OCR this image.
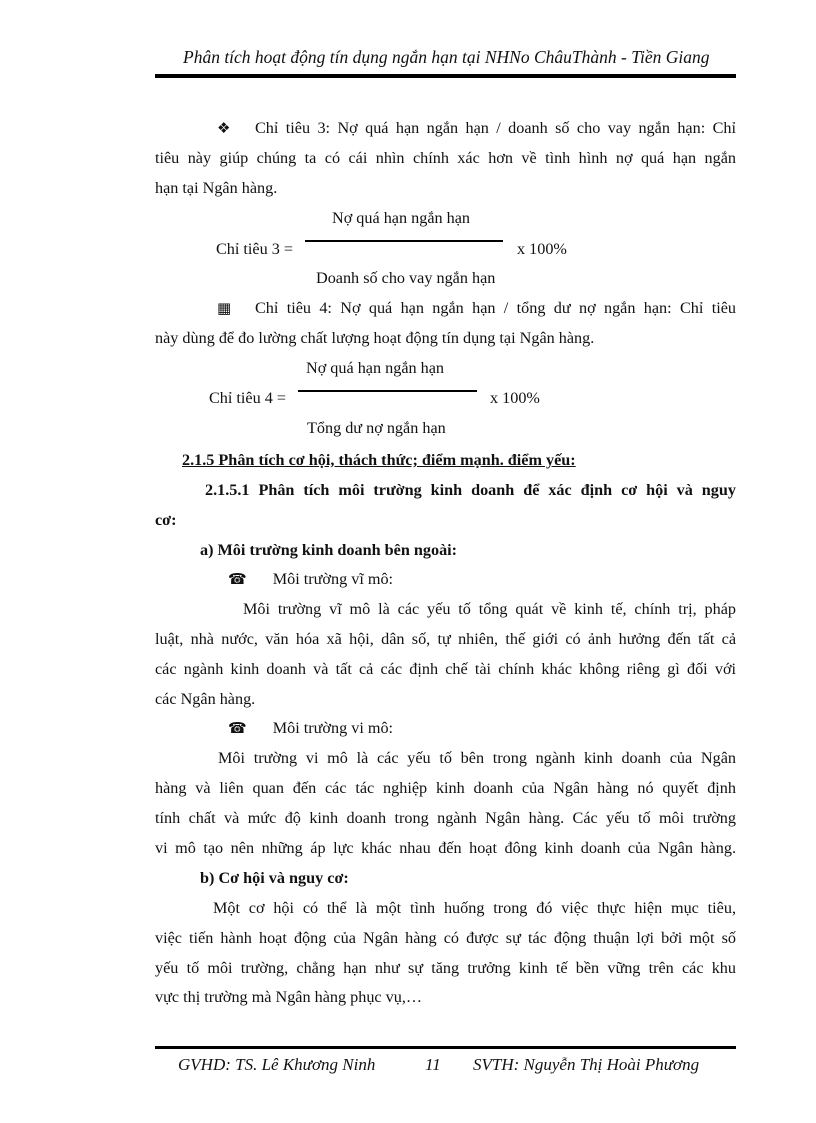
Phân tích hoạt động tín dụng ngắn hạn tại NHNo ChâuThành - Tiền Giang
❖ Chỉ tiêu 3: Nợ quá hạn ngắn hạn / doanh số cho vay ngắn hạn: Chỉ
tiêu này giúp chúng ta có cái nhìn chính xác hơn về tình hình nợ quá hạn ngắn
hạn tại Ngân hàng.
Nợ quá hạn ngắn hạn
Chỉ tiêu 3 =	x 100%
Doanh số cho vay ngắn hạn
▦ Chỉ tiêu 4: Nợ quá hạn ngắn hạn / tổng dư nợ ngắn hạn: Chỉ tiêu
này dùng để đo lường chất lượng hoạt động tín dụng tại Ngân hàng.
Nợ quá hạn ngắn hạn
Chỉ tiêu 4 =	x 100%
Tổng dư nợ ngắn hạn
2.1.5 Phân tích cơ hội, thách thức; điểm mạnh. điểm yếu:
2.1.5.1 Phân tích môi trường kinh doanh để xác định cơ hội và nguy
cơ:
a) Môi trường kinh doanh bên ngoài:
☎ Môi trường vĩ mô:
Môi trường vĩ mô là các yếu tố tổng quát về kinh tế, chính trị, pháp
luật, nhà nước, văn hóa xã hội, dân số, tự nhiên, thế giới có ảnh hưởng đến tất cả
các ngành kinh doanh và tất cả các định chế tài chính khác không riêng gì đối với
các Ngân hàng.
☎ Môi trường vi mô:
Môi trường vi mô là các yếu tố bên trong ngành kinh doanh của Ngân
hàng và liên quan đến các tác nghiệp kinh doanh của Ngân hàng nó quyết định
tính chất và mức độ kinh doanh trong ngành Ngân hàng. Các yếu tố môi trường
vi mô tạo nên những áp lực khác nhau đến hoạt đông kinh doanh của Ngân hàng.
b) Cơ hội và nguy cơ:
Một cơ hội có thể là một tình huống trong đó việc thực hiện mục tiêu,
việc tiến hành hoạt động của Ngân hàng có được sự tác động thuận lợi bởi một số
yếu tố môi trường, chẳng hạn như sự tăng trưởng kinh tế bền vững trên các khu
vực thị trường mà Ngân hàng phục vụ,…
GVHD: TS. Lê Khương Ninh	11 SVTH: Nguyễn Thị Hoài Phương
